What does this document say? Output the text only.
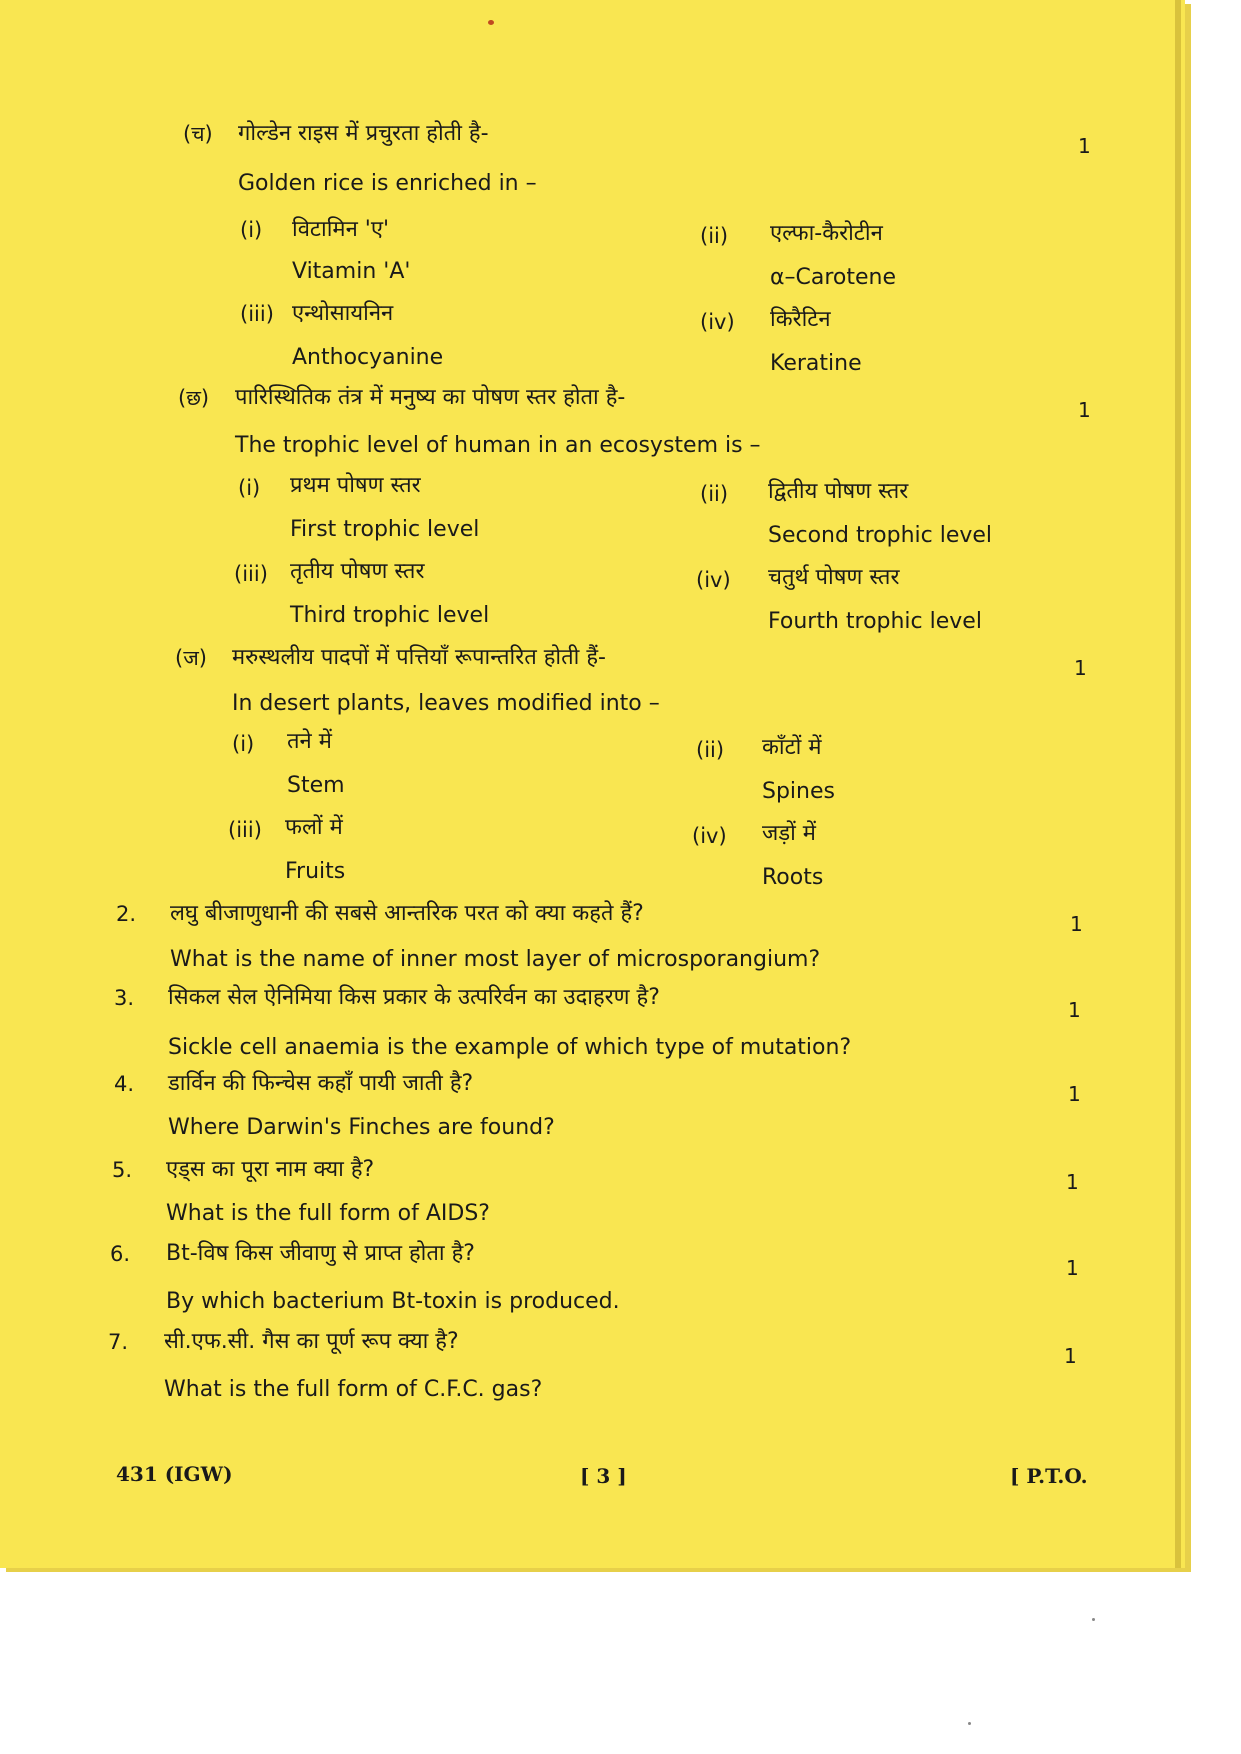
(च) गोल्डेन राइस में प्रचुरता होती है-	1
Golden rice is enriched in –
(i) विटामिन 'ए'
Vitamin 'A'
(ii) एल्फा-कैरोटीन
α–Carotene
(iii) एन्थोसायनिन
Anthocyanine
(iv) किरैटिन
Keratine
(छ) पारिस्थितिक तंत्र में मनुष्य का पोषण स्तर होता है-	1
The trophic level of human in an ecosystem is –
(i) प्रथम पोषण स्तर
First trophic level
(ii) द्वितीय पोषण स्तर
Second trophic level
(iii) तृतीय पोषण स्तर
Third trophic level
(iv) चतुर्थ पोषण स्तर
Fourth trophic level
(ज) मरुस्थलीय पादपों में पत्तियाँ रूपान्तरित होती हैं-	1
In desert plants, leaves modified into –
(i) तने में
Stem
(ii) काँटों में
Spines
(iii) फलों में
Fruits
(iv) जड़ों में
Roots
2. लघु बीजाणुधानी की सबसे आन्तरिक परत को क्या कहते हैं?	1
What is the name of inner most layer of microsporangium?
3. सिकल सेल ऐनिमिया किस प्रकार के उत्परिर्वन का उदाहरण है?	1
Sickle cell anaemia is the example of which type of mutation?
4. डार्विन की फिन्चेस कहाँ पायी जाती है?	1
Where Darwin's Finches are found?
5. एड्स का पूरा नाम क्या है?	1
What is the full form of AIDS?
6. Bt-विष किस जीवाणु से प्राप्त होता है?
1
By which bacterium Bt-toxin is produced.
7. सी.एफ.सी. गैस का पूर्ण रूप क्या है?
1
What is the full form of C.F.C. gas?
431 (IGW)	[ 3 ]	[ P.T.O.
